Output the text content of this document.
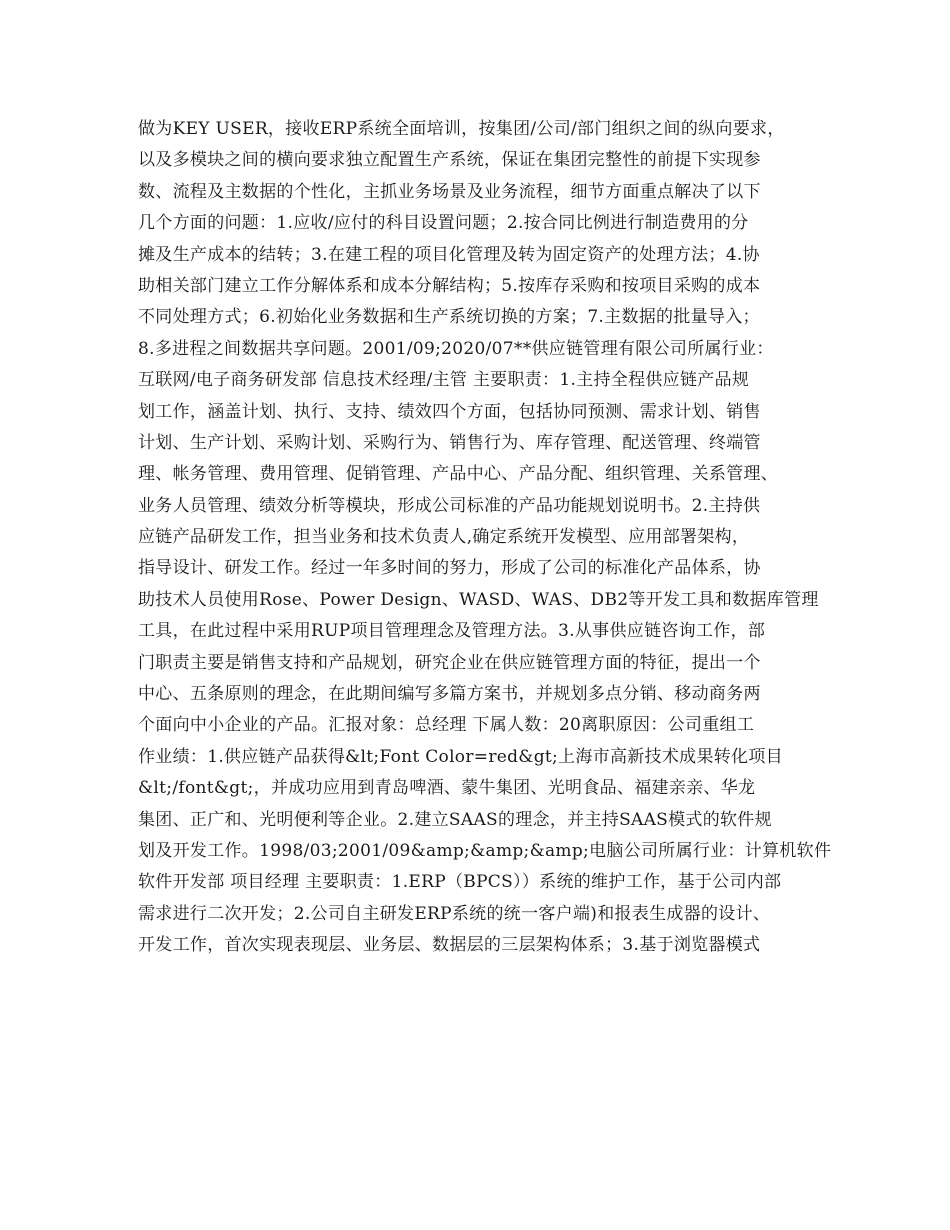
做为KEY USER，接收ERP系统全面培训，按集团/公司/部门组织之间的纵向要求，
以及多模块之间的横向要求独立配置生产系统，保证在集团完整性的前提下实现参
数、流程及主数据的个性化，主抓业务场景及业务流程，细节方面重点解决了以下
几个方面的问题：1.应收/应付的科目设置问题；2.按合同比例进行制造费用的分
摊及生产成本的结转；3.在建工程的项目化管理及转为固定资产的处理方法；4.协
助相关部门建立工作分解体系和成本分解结构；5.按库存采购和按项目采购的成本
不同处理方式；6.初始化业务数据和生产系统切换的方案；7.主数据的批量导入；
8.多进程之间数据共享问题。2001/09;2020/07**供应链管理有限公司所属行业：
互联网/电子商务研发部 信息技术经理/主管 主要职责：1.主持全程供应链产品规
划工作，涵盖计划、执行、支持、绩效四个方面，包括协同预测、需求计划、销售
计划、生产计划、采购计划、采购行为、销售行为、库存管理、配送管理、终端管
理、帐务管理、费用管理、促销管理、产品中心、产品分配、组织管理、关系管理、
业务人员管理、绩效分析等模块，形成公司标准的产品功能规划说明书。2.主持供
应链产品研发工作，担当业务和技术负责人,确定系统开发模型、应用部署架构，
指导设计、研发工作。经过一年多时间的努力，形成了公司的标准化产品体系，协
助技术人员使用Rose、Power Design、WASD、WAS、DB2等开发工具和数据库管理
工具，在此过程中采用RUP项目管理理念及管理方法。3.从事供应链咨询工作，部
门职责主要是销售支持和产品规划，研究企业在供应链管理方面的特征，提出一个
中心、五条原则的理念，在此期间编写多篇方案书，并规划多点分销、移动商务两
个面向中小企业的产品。汇报对象：总经理 下属人数：20离职原因：公司重组工
作业绩：1.供应链产品获得&lt;Font Color=red&gt;上海市高新技术成果转化项目
&lt;/font&gt;，并成功应用到青岛啤酒、蒙牛集团、光明食品、福建亲亲、华龙
集团、正广和、光明便利等企业。2.建立SAAS的理念，并主持SAAS模式的软件规
划及开发工作。1998/03;2001/09&amp;&amp;&amp;电脑公司所属行业：计算机软件
软件开发部 项目经理 主要职责：1.ERP（BPCS））系统的维护工作，基于公司内部
需求进行二次开发；2.公司自主研发ERP系统的统一客户端)和报表生成器的设计、
开发工作，首次实现表现层、业务层、数据层的三层架构体系；3.基于浏览器模式
